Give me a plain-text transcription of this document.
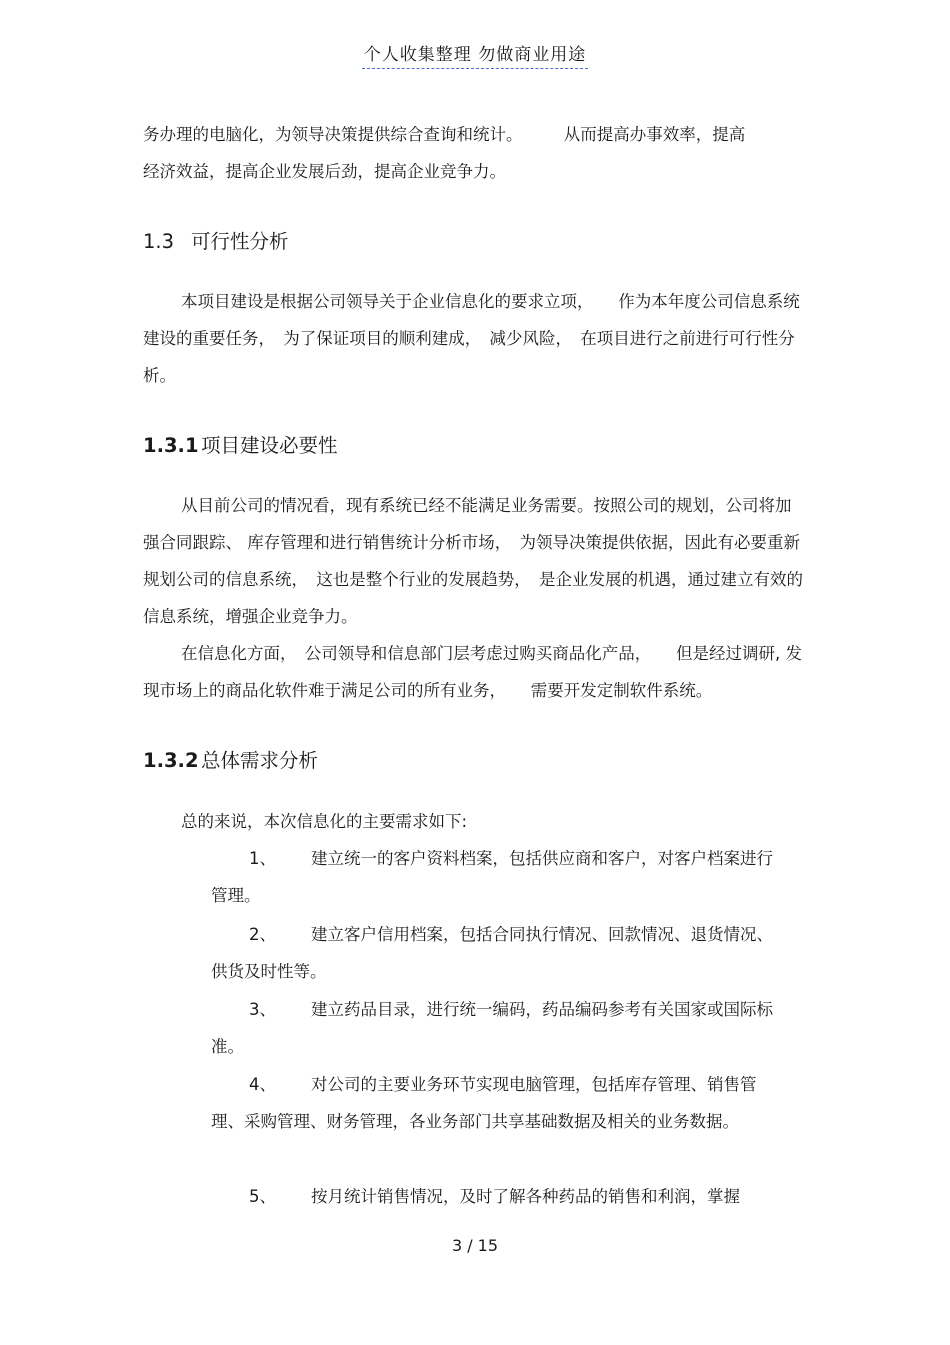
个人收集整理 勿做商业用途

务办理的电脑化，为领导决策提供综合查询和统计。　　　从而提高办事效率，提高

经济效益，提高企业发展后劲，提高企业竞争力。

1.3 可行性分析

本项目建设是根据公司领导关于企业信息化的要求立项，　　作为本年度公司信息系统建设的重要任务，　为了保证项目的顺利建成，　减少风险，　在项目进行之前进行可行性分析。

1.3.1 项目建设必要性

从目前公司的情况看，现有系统已经不能满足业务需要。按照公司的规划，公司将加强合同跟踪、 库存管理和进行销售统计分析市场，　为领导决策提供依据，因此有必要重新规划公司的信息系统，　这也是整个行业的发展趋势，　是企业发展的机遇，通过建立有效的信息系统，增强企业竞争力。

在信息化方面，　公司领导和信息部门层考虑过购买商品化产品，　　但是经过调研, 发现市场上的商品化软件难于满足公司的所有业务，　　需要开发定制软件系统。

1.3.2 总体需求分析

总的来说，本次信息化的主要需求如下:

1、 建立统一的客户资料档案，包括供应商和客户，对客户档案进行管理。

2、 建立客户信用档案，包括合同执行情况、回款情况、退货情况、供货及时性等。

3、 建立药品目录，进行统一编码，药品编码参考有关国家或国际标准。

4、 对公司的主要业务环节实现电脑管理，包括库存管理、销售管理、采购管理、财务管理，各业务部门共享基础数据及相关的业务数据。

5、 按月统计销售情况，及时了解各种药品的销售和利润，掌握

3 / 15
